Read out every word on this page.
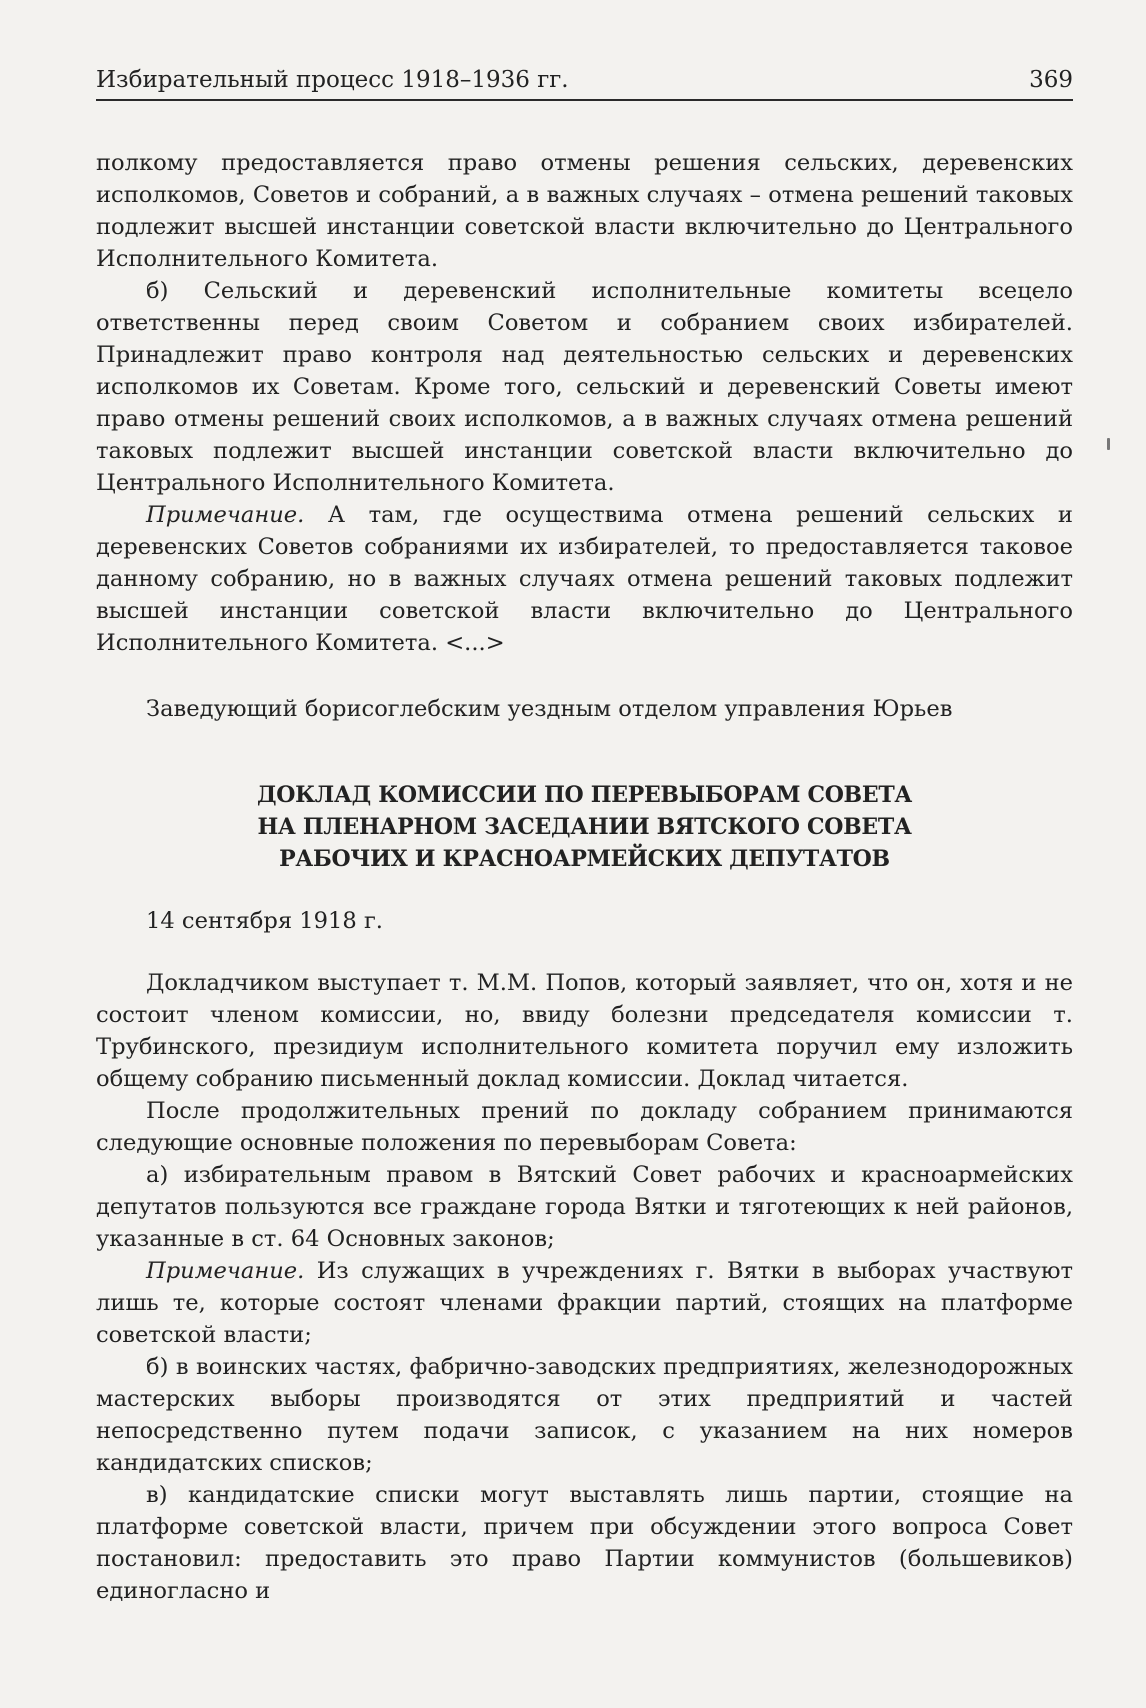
Избирательный процесс 1918–1936 гг.	369

полкому предоставляется право отмены решения сельских, деревенских исполкомов, Советов и собраний, а в важных случаях – отмена решений таковых подлежит высшей инстанции советской власти включительно до Центрального Исполнительного Комитета.

б) Сельский и деревенский исполнительные комитеты всецело ответственны перед своим Советом и собранием своих избирателей. Принадлежит право контроля над деятельностью сельских и деревенских исполкомов их Советам. Кроме того, сельский и деревенский Советы имеют право отмены решений своих исполкомов, а в важных случаях отмена решений таковых подлежит высшей инстанции советской власти включительно до Центрального Исполнительного Комитета.

Примечание. А там, где осуществима отмена решений сельских и деревенских Советов собраниями их избирателей, то предоставляется таковое данному собранию, но в важных случаях отмена решений таковых подлежит высшей инстанции советской власти включительно до Центрального Исполнительного Комитета. <...>

Заведующий борисоглебским уездным отделом управления Юрьев

ДОКЛАД КОМИССИИ ПО ПЕРЕВЫБОРАМ СОВЕТА

НА ПЛЕНАРНОМ ЗАСЕДАНИИ ВЯТСКОГО СОВЕТА

РАБОЧИХ И КРАСНОАРМЕЙСКИХ ДЕПУТАТОВ

14 сентября 1918 г.

Докладчиком выступает т. М.М. Попов, который заявляет, что он, хотя и не состоит членом комиссии, но, ввиду болезни председателя комиссии т. Трубинского, президиум исполнительного комитета поручил ему изложить общему собранию письменный доклад комиссии. Доклад читается.

После продолжительных прений по докладу собранием принимаются следующие основные положения по перевыборам Совета:

а) избирательным правом в Вятский Совет рабочих и красноармейских депутатов пользуются все граждане города Вятки и тяготеющих к ней районов, указанные в ст. 64 Основных законов;

Примечание. Из служащих в учреждениях г. Вятки в выборах участвуют лишь те, которые состоят членами фракции партий, стоящих на платформе советской власти;

б) в воинских частях, фабрично-заводских предприятиях, железнодорожных мастерских выборы производятся от этих предприятий и частей непосредственно путем подачи записок, с указанием на них номеров кандидатских списков;

в) кандидатские списки могут выставлять лишь партии, стоящие на платформе советской власти, причем при обсуждении этого вопроса Совет постановил: предоставить это право Партии коммунистов (большевиков) единогласно и
